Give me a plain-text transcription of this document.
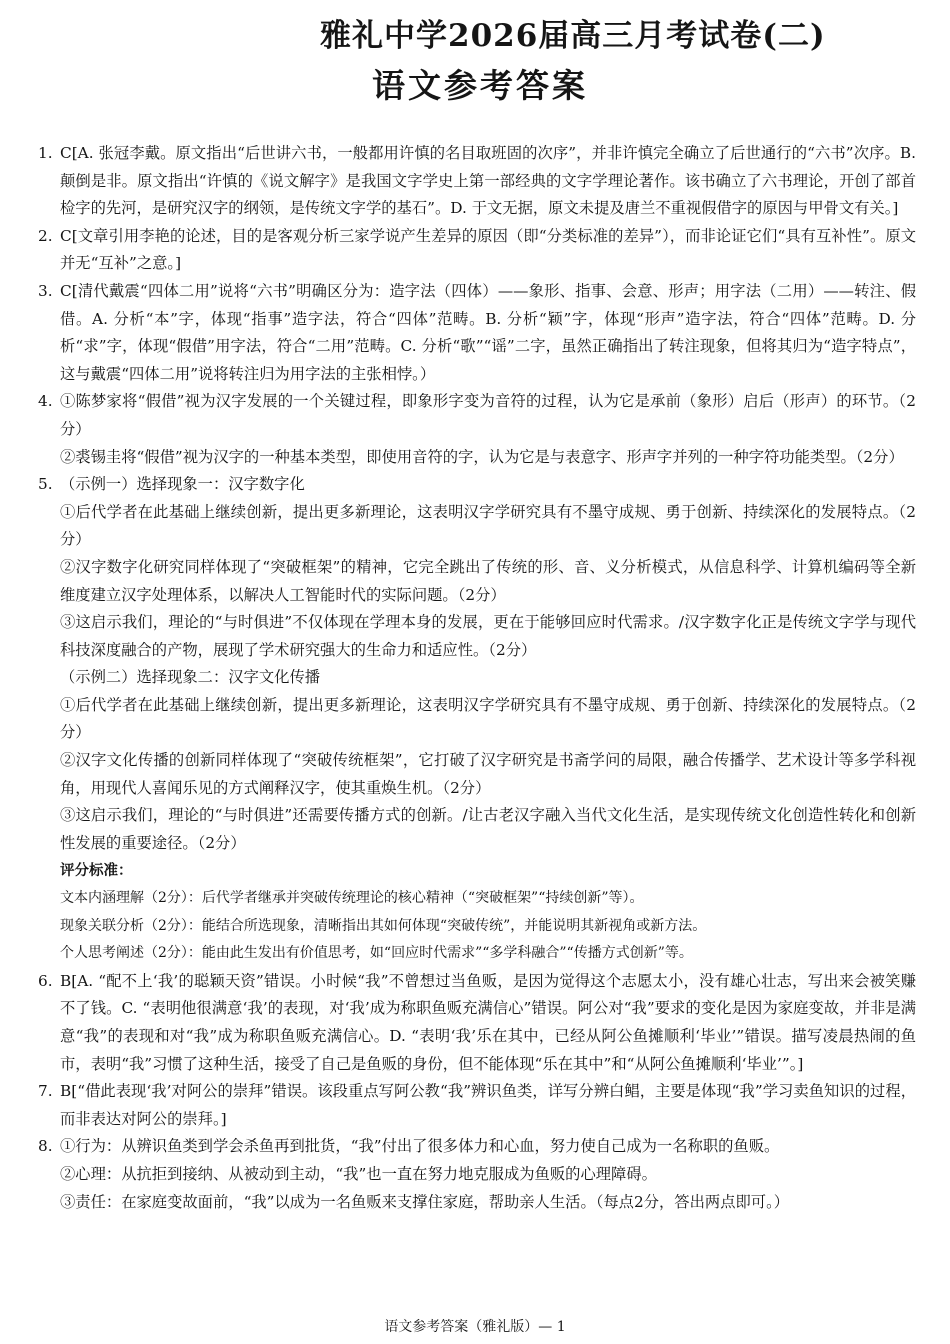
雅礼中学2026届高三月考试卷(二)
语文参考答案
1. C[A. 张冠李戴。原文指出“后世讲六书，一般都用许慎的名目取班固的次序”，并非许慎完全确立了后世通行的“六书”次序。B. 颠倒是非。原文指出“许慎的《说文解字》是我国文字学史上第一部经典的文字学理论著作。该书确立了六书理论，开创了部首检字的先河，是研究汉字的纲领，是传统文字学的基石”。D. 于文无据，原文未提及唐兰不重视假借字的原因与甲骨文有关。]

2. C[文章引用李艳的论述，目的是客观分析三家学说产生差异的原因（即“分类标准的差异”），而非论证它们“具有互补性”。原文并无“互补”之意。]

3. C[清代戴震“四体二用”说将“六书”明确区分为：造字法（四体）——象形、指事、会意、形声；用字法（二用）——转注、假借。A. 分析“本”字，体现“指事”造字法，符合“四体”范畴。B. 分析“颖”字，体现“形声”造字法，符合“四体”范畴。D. 分析“求”字，体现“假借”用字法，符合“二用”范畴。C. 分析“歌”“谣”二字，虽然正确指出了转注现象，但将其归为“造字特点”，这与戴震“四体二用”说将转注归为用字法的主张相悖。）

4. ①陈梦家将“假借”视为汉字发展的一个关键过程，即象形字变为音符的过程，认为它是承前（象形）启后（形声）的环节。（2分）

②裘锡圭将“假借”视为汉字的一种基本类型，即使用音符的字，认为它是与表意字、形声字并列的一种字符功能类型。（2分）

5. （示例一）选择现象一：汉字数字化

①后代学者在此基础上继续创新，提出更多新理论，这表明汉字学研究具有不墨守成规、勇于创新、持续深化的发展特点。（2分）

②汉字数字化研究同样体现了“突破框架”的精神，它完全跳出了传统的形、音、义分析模式，从信息科学、计算机编码等全新维度建立汉字处理体系，以解决人工智能时代的实际问题。（2分）

③这启示我们，理论的“与时俱进”不仅体现在学理本身的发展，更在于能够回应时代需求。/汉字数字化正是传统文字学与现代科技深度融合的产物，展现了学术研究强大的生命力和适应性。（2分）

（示例二）选择现象二：汉字文化传播

①后代学者在此基础上继续创新，提出更多新理论，这表明汉字学研究具有不墨守成规、勇于创新、持续深化的发展特点。（2分）

②汉字文化传播的创新同样体现了“突破传统框架”，它打破了汉字研究是书斋学问的局限，融合传播学、艺术设计等多学科视角，用现代人喜闻乐见的方式阐释汉字，使其重焕生机。（2分）

③这启示我们，理论的“与时俱进”还需要传播方式的创新。/让古老汉字融入当代文化生活，是实现传统文化创造性转化和创新性发展的重要途径。（2分）

评分标准：

文本内涵理解（2分）：后代学者继承并突破传统理论的核心精神（“突破框架”“持续创新”等）。

现象关联分析（2分）：能结合所选现象，清晰指出其如何体现“突破传统”，并能说明其新视角或新方法。

个人思考阐述（2分）：能由此生发出有价值思考，如“回应时代需求”“多学科融合”“传播方式创新”等。

6. B[A. “配不上‘我’的聪颖天资”错误。小时候“我”不曾想过当鱼贩，是因为觉得这个志愿太小，没有雄心壮志，写出来会被笑赚不了钱。C. “表明他很满意‘我’的表现，对‘我’成为称职鱼贩充满信心”错误。阿公对“我”要求的变化是因为家庭变故，并非是满意“我”的表现和对“我”成为称职鱼贩充满信心。D. “表明‘我’乐在其中，已经从阿公鱼摊顺利‘毕业’”错误。描写凌晨热闹的鱼市，表明“我”习惯了这种生活，接受了自己是鱼贩的身份，但不能体现“乐在其中”和“从阿公鱼摊顺利‘毕业’”。]

7. B[“借此表现‘我’对阿公的崇拜”错误。该段重点写阿公教“我”辨识鱼类，详写分辨白鲳，主要是体现“我”学习卖鱼知识的过程，而非表达对阿公的崇拜。]

8. ①行为：从辨识鱼类到学会杀鱼再到批货，“我”付出了很多体力和心血，努力使自己成为一名称职的鱼贩。

②心理：从抗拒到接纳、从被动到主动，“我”也一直在努力地克服成为鱼贩的心理障碍。

③责任：在家庭变故面前，“我”以成为一名鱼贩来支撑住家庭，帮助亲人生活。（每点2分，答出两点即可。）

语文参考答案（雅礼版）— 1
